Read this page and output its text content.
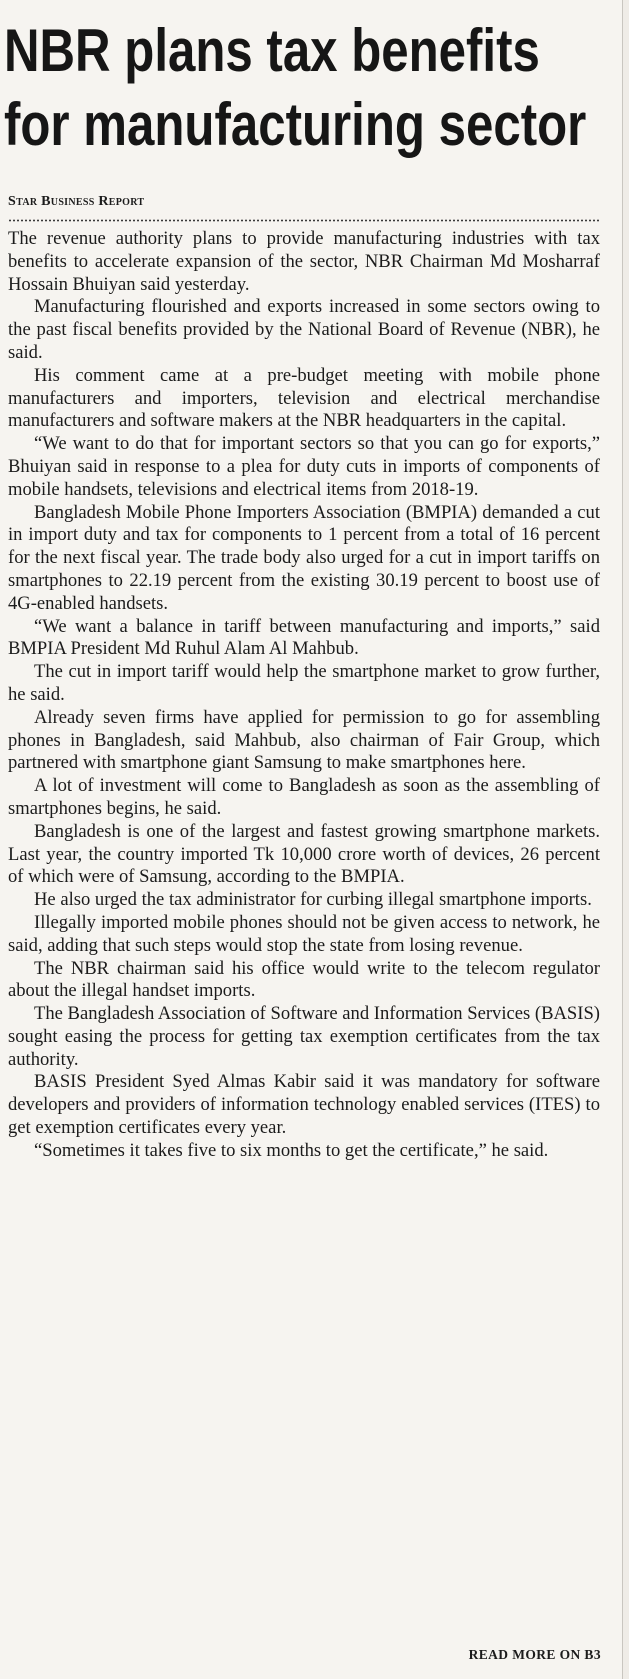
NBR plans tax benefits for manufacturing sector
Star Business Report

The revenue authority plans to provide manufacturing industries with tax benefits to accelerate expansion of the sector, NBR Chairman Md Mosharraf Hossain Bhuiyan said yesterday.

Manufacturing flourished and exports increased in some sectors owing to the past fiscal benefits provided by the National Board of Revenue (NBR), he said.

His comment came at a pre-budget meeting with mobile phone manufacturers and importers, television and electrical merchandise manufacturers and software makers at the NBR headquarters in the capital.

“We want to do that for important sectors so that you can go for exports,” Bhuiyan said in response to a plea for duty cuts in imports of components of mobile handsets, televisions and electrical items from 2018-19.

Bangladesh Mobile Phone Importers Association (BMPIA) demanded a cut in import duty and tax for components to 1 percent from a total of 16 percent for the next fiscal year. The trade body also urged for a cut in import tariffs on smartphones to 22.19 percent from the existing 30.19 percent to boost use of 4G-enabled handsets.

“We want a balance in tariff between manufacturing and imports,” said BMPIA President Md Ruhul Alam Al Mahbub.

The cut in import tariff would help the smartphone market to grow further, he said.

Already seven firms have applied for permission to go for assembling phones in Bangladesh, said Mahbub, also chairman of Fair Group, which partnered with smartphone giant Samsung to make smartphones here.

A lot of investment will come to Bangladesh as soon as the assembling of smartphones begins, he said.

Bangladesh is one of the largest and fastest growing smartphone markets. Last year, the country imported Tk 10,000 crore worth of devices, 26 percent of which were of Samsung, according to the BMPIA.

He also urged the tax administrator for curbing illegal smartphone imports.

Illegally imported mobile phones should not be given access to network, he said, adding that such steps would stop the state from losing revenue.

The NBR chairman said his office would write to the telecom regulator about the illegal handset imports.

The Bangladesh Association of Software and Information Services (BASIS) sought easing the process for getting tax exemption certificates from the tax authority.

BASIS President Syed Almas Kabir said it was mandatory for software developers and providers of information technology enabled services (ITES) to get exemption certificates every year.

“Sometimes it takes five to six months to get the certificate,” he said.

READ MORE ON B3
